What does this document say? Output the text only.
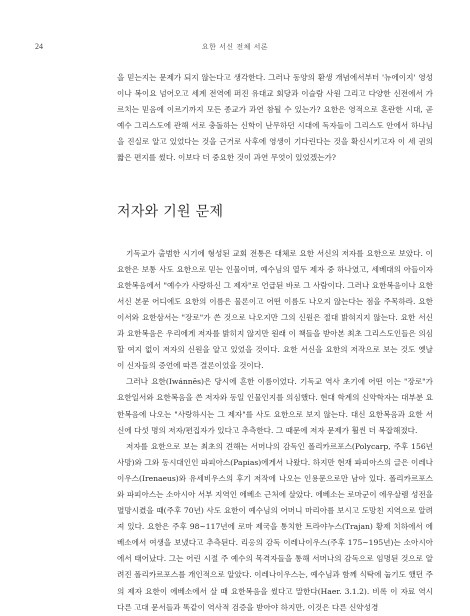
24	요한 서신 전체 서론

을 믿는지는 문제가 되지 않는다고 생각한다. 그러나 동양의 환생 개념에서부터 '뉴에이지' 영성이나 복이요 넘어오고 세계 전역에 퍼진 유대교 회당과 이슬람 사원 그리고 다양한 신전에서 가르치는 믿음에 이르기까지 모든 종교가 과연 참될 수 있는가? 요한은 영적으로 혼란한 시대, 곧 예수 그리스도에 관해 서로 충돌하는 신학이 난무하던 시대에 독자들이 그리스도 안에서 하나님을 진실로 알고 있었다는 것을 근거로 사후에 영생이 기다린다는 것을 확신시키고자 이 세 권의 짧은 편지를 썼다. 이보다 더 중요한 것이 과연 무엇이 있었겠는가?

저자와 기원 문제

기독교가 출범한 시기에 형성된 교회 전통은 대체로 요한 서신의 저자를 요한으로 보았다. 이 요한은 보통 사도 요한으로 믿는 인물이며, 예수님의 열두 제자 중 하나였고, 세베대의 아들이자 요한복음에서 "예수가 사랑하신 그 제자"로 언급된 바로 그 사람이다. 그러나 요한복음이나 요한 서신 본문 어디에도 요한의 이름은 물론이고 어떤 이름도 나오지 않는다는 점을 주목하라. 요한이서와 요한삼서는 "장로"가 쓴 것으로 나오지만 그의 신원은 절대 밝혀지지 않는다. 요한 서신과 요한복음은 우리에게 저자를 밝히지 않지만 원래 이 책들을 받아본 최초 그리스도인들은 의심할 여지 없이 저자의 신원을 알고 있었을 것이다. 요한 서신을 요한의 저작으로 보는 것도 옛날 이 신자들의 증언에 따른 결론이었을 것이다.

그러나 요한(Iwánnēs)은 당시에 흔한 이름이었다. 기독교 역사 초기에 어떤 이는 "장로"가 요한일서와 요한복음을 쓴 저자와 동일 인물인지를 의심했다. 현대 학계의 신약학자는 대부분 요한복음에 나오는 "사랑하시는 그 제자"를 사도 요한으로 보지 않는다. 대신 요한복음과 요한 서신에 다섯 명의 저자/편집자가 있다고 추측한다. 그 때문에 저자 문제가 훨씬 더 복잡해졌다.

저자를 요한으로 보는 최초의 견해는 서머나의 감독인 폴리카르포스(Polycarp, 주후 156년 사망)와 그와 동시대인인 파피아스(Papias)에게서 나왔다. 하지만 현재 파피아스의 글은 이레나이우스(Irenaeus)와 유세비우스의 후기 저작에 나오는 인용문으로만 남아 있다. 폴리카르포스와 파피아스는 소아시아 서부 지역인 에베소 근처에 살았다. 에베소는 로마군이 에우살렘 성전을 멸망시켰을 때(주후 70년) 사도 요한이 예수님의 어머니 마리아를 보시고 도망친 지역으로 알려져 있다. 요한은 주후 98~117년에 로마 제국을 통치한 트라야누스(Trajan) 황제 치하에서 에베소에서 여생을 보냈다고 추측된다. 리옹의 감독 이레나이우스(주후 175~195년)는 소아시아에서 태어났다. 그는 어린 시절 주 예수의 목격자들을 통해 서머나의 감독으로 임명된 것으로 알려진 폴리카르포스를 개인적으로 알았다. 이레나이우스는, 예수님과 함께 식탁에 눕기도 했던 주의 제자 요한이 에베소에서 살 때 요한복음을 썼다고 말한다(Haer. 3.1.2). 비록 이 자료 역시 다른 고대 문서들과 똑같이 역사적 검증을 받아야 하지만, 이것은 다른 신약성경
